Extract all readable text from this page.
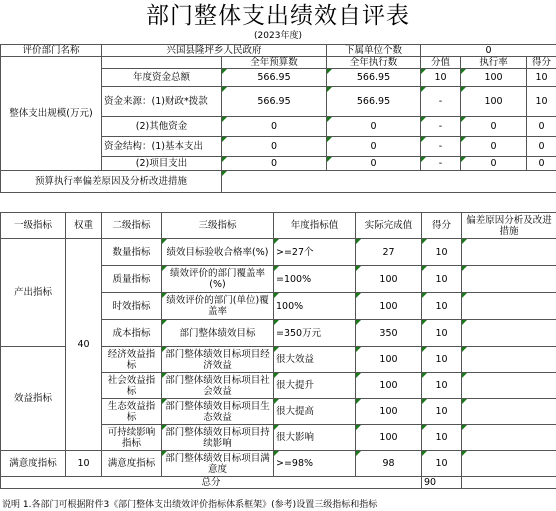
部门整体支出绩效自评表
(2023年度)
评价部门名称	兴国县隆坪乡人民政府		下属单位个数	0		
整体支出规模(万元)		全年预算数	全年执行数	分值	执行率	得分
	年度资金总额	566.95	566.95	10	100	10
	资金来源：(1)财政*拨款	566.95	566.95	-	100	10
	(2)其他资金	0	0	-	0	0
	资金结构：(1)基本支出	0	0	-	0	0
	(2)项目支出	0	0	-	0	0
预算执行率偏差原因及分析改进措施						
一级指标	权重	二级指标	三级指标	年度指标值	实际完成值	得分	偏差原因分析及改进措施
产出指标	40	数量指标	绩效目标验收合格率(%)	>=27个	27	10	
		质量指标	绩效评价的部门覆盖率(%)	=100%	100	10	
		时效指标	绩效评价的部门(单位)覆盖率	100%	100	10	
		成本指标	部门整体绩效目标	=350万元	350	10	
效益指标		经济效益指标	部门整体绩效目标项目经济效益	很大效益	100	10	
		社会效益指标	部门整体绩效目标项目社会效益	很大提升	100	10	
		生态效益指标	部门整体绩效目标项目生态效益	很大提高	100	10	
		可持续影响指标	部门整体绩效目标项目持续影响	很大影响	100	10	
满意度指标	10	满意度指标	部门整体绩效目标项目满意度	>=98%	98	10	
总分						90	
说明 1.各部门可根据附件3《部门整体支出绩效评价指标体系框架》(参考)设置三级指标和指标
